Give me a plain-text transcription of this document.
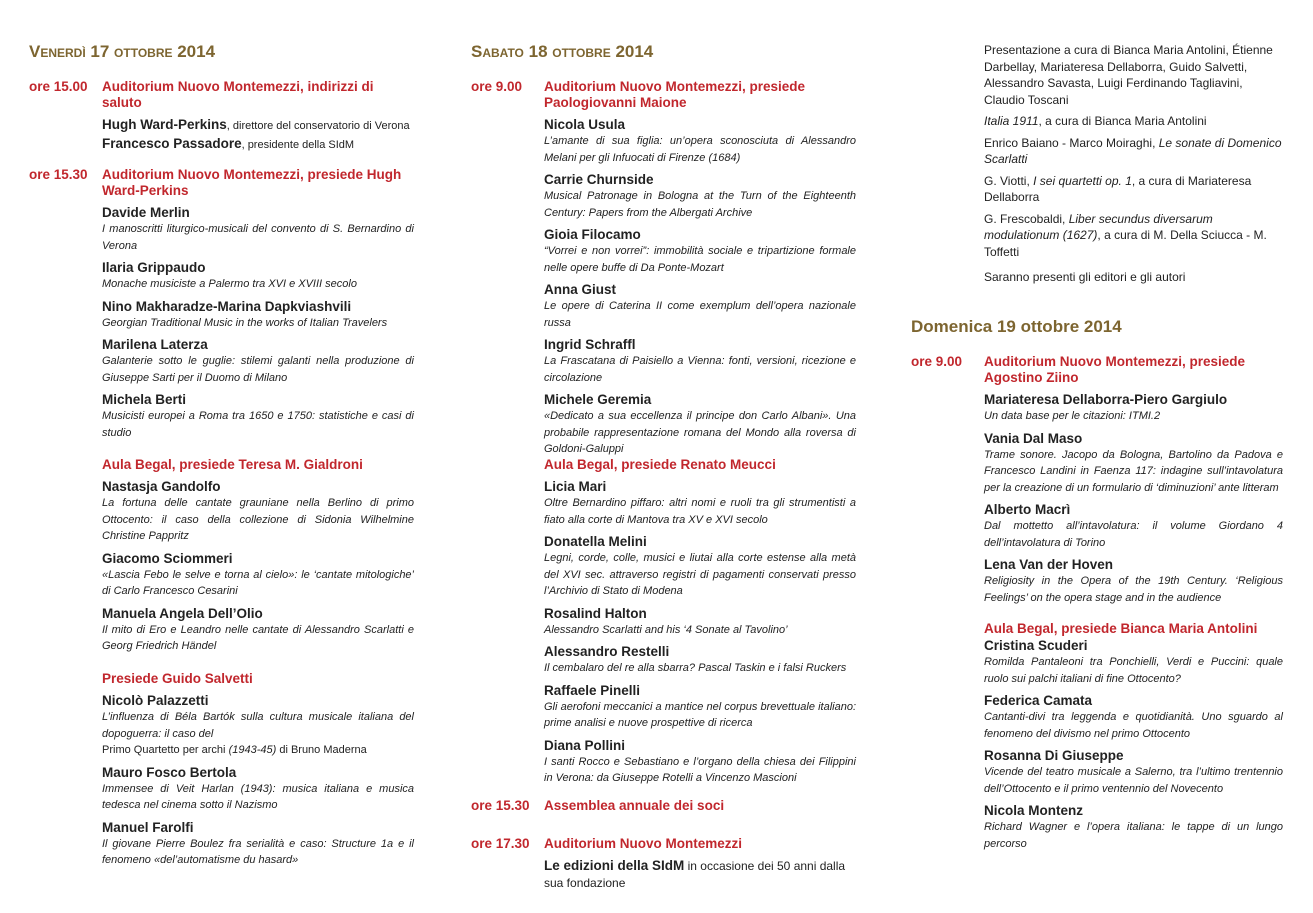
Venerdì 17 ottobre 2014
ore 15.00 Auditorium Nuovo Montemezzi, indirizzi di saluto
Hugh Ward-Perkins, direttore del conservatorio di Verona
Francesco Passadore, presidente della SIdM
ore 15.30 Auditorium Nuovo Montemezzi, presiede Hugh Ward-Perkins
Davide Merlin
I manoscritti liturgico-musicali del convento di S. Bernardino di Verona
Ilaria Grippaudo
Monache musiciste a Palermo tra XVI e XVIII secolo
Nino Makharadze-Marina Dapkviashvili
Georgian Traditional Music in the works of Italian Travelers
Marilena Laterza
Galanterie sotto le guglie: stilemi galanti nella produzione di Giuseppe Sarti per il Duomo di Milano
Michela Berti
Musicisti europei a Roma tra 1650 e 1750: statistiche e casi di studio
Aula Begal, presiede Teresa M. Gialdroni
Nastasja Gandolfo
La fortuna delle cantate grauniane nella Berlino di primo Ottocento: il caso della collezione di Sidonia Wilhelmine Christine Pappritz
Giacomo Sciommeri
«Lascia Febo le selve e torna al cielo»: le ‘cantate mitologiche’ di Carlo Francesco Cesarini
Manuela Angela Dell’Olio
Il mito di Ero e Leandro nelle cantate di Alessandro Scarlatti e Georg Friedrich Händel
Presiede Guido Salvetti
Nicolò Palazzetti
L’influenza di Béla Bartók sulla cultura musicale italiana del dopoguerra: il caso del
Primo Quartetto per archi (1943-45) di Bruno Maderna
Mauro Fosco Bertola
Immensee di Veit Harlan (1943): musica italiana e musica tedesca nel cinema sotto il Nazismo
Manuel Farolfi
Il giovane Pierre Boulez fra serialità e caso: Structure 1a e il fenomeno «del’automatisme du hasard»
Sabato 18 ottobre 2014
ore 9.00 Auditorium Nuovo Montemezzi, presiede Paologiovanni Maione
Nicola Usula
L’amante di sua figlia: un’opera sconosciuta di Alessandro Melani per gli Infuocati di Firenze (1684)
Carrie Churnside
Musical Patronage in Bologna at the Turn of the Eighteenth Century: Papers from the Albergati Archive
Gioia Filocamo
“Vorrei e non vorrei”: immobilità sociale e tripartizione formale nelle opere buffe di Da Ponte-Mozart
Anna Giust
Le opere di Caterina II come exemplum dell’opera nazionale russa
Ingrid Schraffl
La Frascatana di Paisiello a Vienna: fonti, versioni, ricezione e circolazione
Michele Geremia
«Dedicato a sua eccellenza il principe don Carlo Albani». Una probabile rappresentazione romana del Mondo alla roversa di Goldoni-Galuppi
Aula Begal, presiede Renato Meucci
Licia Mari
Oltre Bernardino piffaro: altri nomi e ruoli tra gli strumentisti a fiato alla corte di Mantova tra XV e XVI secolo
Donatella Melini
Legni, corde, colle, musici e liutai alla corte estense alla metà del XVI sec. attraverso registri di pagamenti conservati presso l’Archivio di Stato di Modena
Rosalind Halton
Alessandro Scarlatti and his ‘4 Sonate al Tavolino’
Alessandro Restelli
Il cembalaro del re alla sbarra? Pascal Taskin e i falsi Ruckers
Raffaele Pinelli
Gli aerofoni meccanici a mantice nel corpus brevettuale italiano: prime analisi e nuove prospettive di ricerca
Diana Pollini
I santi Rocco e Sebastiano e l’organo della chiesa dei Filippini in Verona: da Giuseppe Rotelli a Vincenzo Mascioni
ore 15.30 Assemblea annuale dei soci
ore 17.30 Auditorium Nuovo Montemezzi
Le edizioni della SIdM in occasione dei 50 anni dalla sua fondazione

Presentazione a cura di Bianca Maria Antolini, Étienne Darbellay, Mariateresa Dellaborra, Guido Salvetti, Alessandro Savasta, Luigi Ferdinando Tagliavini, Claudio Toscani

Italia 1911, a cura di Bianca Maria Antolini

Enrico Baiano - Marco Moiraghi, Le sonate di Domenico Scarlatti

G. Viotti, I sei quartetti op. 1, a cura di Mariateresa Dellaborra

G. Frescobaldi, Liber secundus diversarum modulationum (1627), a cura di M. Della Sciucca - M. Toffetti

Saranno presenti gli editori e gli autori

Domenica 19 ottobre 2014
ore 9.00 Auditorium Nuovo Montemezzi, presiede Agostino Ziino
Mariateresa Dellaborra-Piero Gargiulo
Un data base per le citazioni: ITMI.2
Vania Dal Maso
Trame sonore. Jacopo da Bologna, Bartolino da Padova e Francesco Landini in Faenza 117: indagine sull’intavolatura per la creazione di un formulario di ‘diminuzioni’ ante litteram
Alberto Macrì
Dal mottetto all’intavolatura: il volume Giordano 4 dell’intavolatura di Torino
Lena Van der Hoven
Religiosity in the Opera of the 19th Century. ‘Religious Feelings’ on the opera stage and in the audience
Aula Begal, presiede Bianca Maria Antolini
Cristina Scuderi
Romilda Pantaleoni tra Ponchielli, Verdi e Puccini: quale ruolo sui palchi italiani di fine Ottocento?
Federica Camata
Cantanti-divi tra leggenda e quotidianità. Uno sguardo al fenomeno del divismo nel primo Ottocento
Rosanna Di Giuseppe
Vicende del teatro musicale a Salerno, tra l’ultimo trentennio dell’Ottocento e il primo ventennio del Novecento
Nicola Montenz
Richard Wagner e l’opera italiana: le tappe di un lungo percorso
